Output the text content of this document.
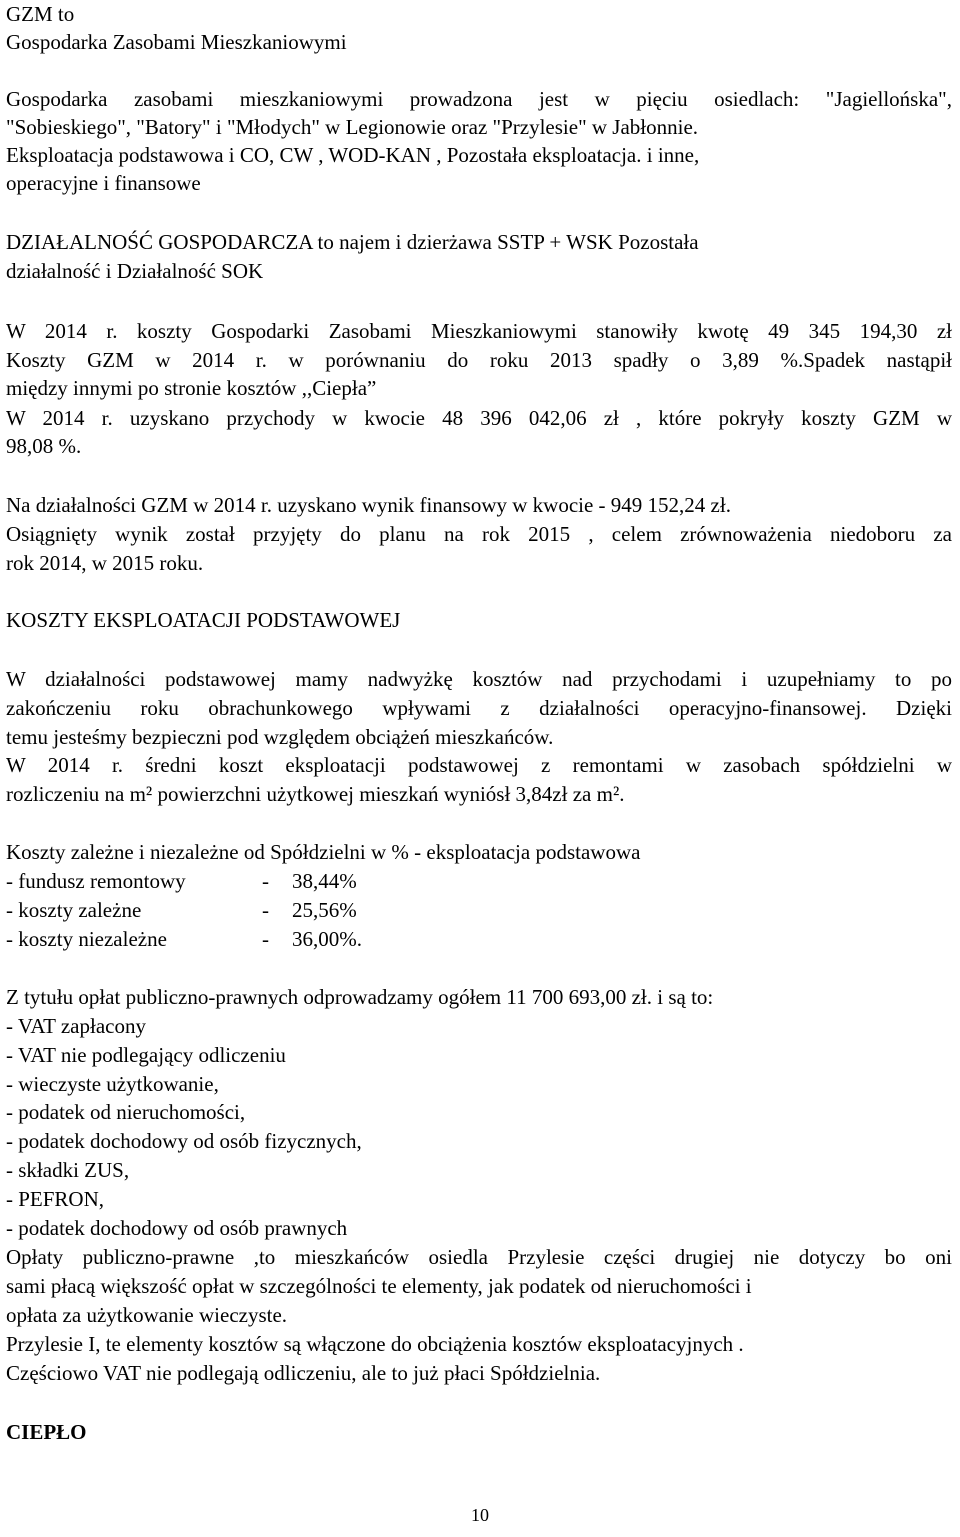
GZM to
Gospodarka Zasobami Mieszkaniowymi
Gospodarka zasobami mieszkaniowymi prowadzona jest w pięciu osiedlach: "Jagiellońska",
"Sobieskiego", "Batory" i "Młodych" w Legionowie oraz "Przylesie" w Jabłonnie.
Eksploatacja podstawowa i CO, CW , WOD-KAN , Pozostała eksploatacja. i inne,
operacyjne i finansowe
DZIAŁALNOŚĆ GOSPODARCZA to najem i dzierżawa SSTP + WSK Pozostała
działalność i Działalność SOK
W 2014 r. koszty Gospodarki Zasobami Mieszkaniowymi stanowiły kwotę 49 345 194,30 zł
Koszty GZM w 2014 r. w porównaniu do roku 2013 spadły o 3,89 %.Spadek nastąpił
między innymi po stronie kosztów ,,Ciepła”
W 2014 r. uzyskano przychody w kwocie 48 396 042,06 zł , które pokryły koszty GZM w
98,08 %.
Na działalności GZM w 2014 r. uzyskano wynik finansowy w kwocie - 949 152,24 zł.
Osiągnięty wynik został przyjęty do planu na rok 2015 , celem zrównoważenia niedoboru za
rok 2014, w 2015 roku.
KOSZTY EKSPLOATACJI PODSTAWOWEJ
W działalności podstawowej mamy nadwyżkę kosztów nad przychodami i uzupełniamy to po
zakończeniu roku obrachunkowego wpływami z działalności operacyjno-finansowej. Dzięki
temu jesteśmy bezpieczni pod względem obciążeń mieszkańców.
W 2014 r. średni koszt eksploatacji podstawowej z remontami w zasobach spółdzielni w
rozliczeniu na m² powierzchni użytkowej mieszkań wyniósł 3,84zł za m².
Koszty zależne i niezależne od Spółdzielni w % - eksploatacja podstawowa
- fundusz remontowy	- 38,44%
- koszty zależne	- 25,56%
- koszty niezależne	- 36,00%.
Z tytułu opłat publiczno-prawnych odprowadzamy ogółem 11 700 693,00 zł. i są to:
- VAT zapłacony
- VAT nie podlegający odliczeniu
- wieczyste użytkowanie,
- podatek od nieruchomości,
- podatek dochodowy od osób fizycznych,
- składki ZUS,
- PEFRON,
- podatek dochodowy od osób prawnych
Opłaty publiczno-prawne ,to mieszkańców osiedla Przylesie części drugiej nie dotyczy bo oni
sami płacą większość opłat w szczególności te elementy, jak podatek od nieruchomości i
opłata za użytkowanie wieczyste.
Przylesie I, te elementy kosztów są włączone do obciążenia kosztów eksploatacyjnych .
Częściowo VAT nie podlegają odliczeniu, ale to już płaci Spółdzielnia.
CIEPŁO
10
